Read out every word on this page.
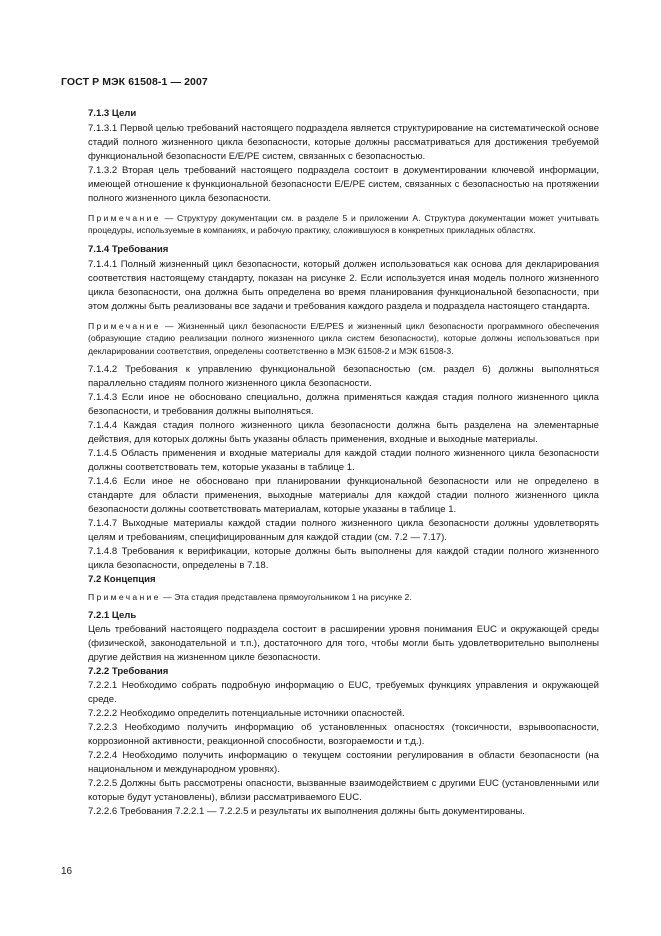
ГОСТ Р МЭК 61508-1 — 2007

7.1.3 Цели

7.1.3.1 Первой целью требований настоящего подраздела является структурирование на систематической основе стадий полного жизненного цикла безопасности, которые должны рассматриваться для достижения требуемой функциональной безопасности E/E/PE систем, связанных с безопасностью.

7.1.3.2 Вторая цель требований настоящего подраздела состоит в документировании ключевой информации, имеющей отношение к функциональной безопасности E/E/PE систем, связанных с безопасностью на протяжении полного жизненного цикла безопасности.

Примечание — Структуру документации см. в разделе 5 и приложении А. Структура документации может учитывать процедуры, используемые в компаниях, и рабочую практику, сложившуюся в конкретных прикладных областях.

7.1.4 Требования

7.1.4.1 Полный жизненный цикл безопасности, который должен использоваться как основа для декларирования соответствия настоящему стандарту, показан на рисунке 2. Если используется иная модель полного жизненного цикла безопасности, она должна быть определена во время планирования функциональной безопасности, при этом должны быть реализованы все задачи и требования каждого раздела и подраздела настоящего стандарта.

Примечание — Жизненный цикл безопасности E/E/PES и жизненный цикл безопасности программного обеспечения (образующие стадию реализации полного жизненного цикла систем безопасности), которые должны использоваться при декларировании соответствия, определены соответственно в МЭК 61508-2 и МЭК 61508-3.

7.1.4.2 Требования к управлению функциональной безопасностью (см. раздел 6) должны выполняться параллельно стадиям полного жизненного цикла безопасности.

7.1.4.3 Если иное не обосновано специально, должна применяться каждая стадия полного жизненного цикла безопасности, и требования должны выполняться.

7.1.4.4 Каждая стадия полного жизненного цикла безопасности должна быть разделена на элементарные действия, для которых должны быть указаны область применения, входные и выходные материалы.

7.1.4.5 Область применения и входные материалы для каждой стадии полного жизненного цикла безопасности должны соответствовать тем, которые указаны в таблице 1.

7.1.4.6 Если иное не обосновано при планировании функциональной безопасности или не определено в стандарте для области применения, выходные материалы для каждой стадии полного жизненного цикла безопасности должны соответствовать материалам, которые указаны в таблице 1.

7.1.4.7 Выходные материалы каждой стадии полного жизненного цикла безопасности должны удовлетворять целям и требованиям, специфицированным для каждой стадии (см. 7.2 — 7.17).

7.1.4.8 Требования к верификации, которые должны быть выполнены для каждой стадии полного жизненного цикла безопасности, определены в 7.18.

7.2 Концепция

Примечание — Эта стадия представлена прямоугольником 1 на рисунке 2.

7.2.1 Цель

Цель требований настоящего подраздела состоит в расширении уровня понимания EUC и окружающей среды (физической, законодательной и т.п.), достаточного для того, чтобы могли быть удовлетворительно выполнены другие действия на жизненном цикле безопасности.

7.2.2 Требования

7.2.2.1 Необходимо собрать подробную информацию о EUC, требуемых функциях управления и окружающей среде.

7.2.2.2 Необходимо определить потенциальные источники опасностей.

7.2.2.3 Необходимо получить информацию об установленных опасностях (токсичности, взрывоопасности, коррозионной активности, реакционной способности, возгораемости и т.д.).

7.2.2.4 Необходимо получить информацию о текущем состоянии регулирования в области безопасности (на национальном и международном уровнях).

7.2.2.5 Должны быть рассмотрены опасности, вызванные взаимодействием с другими EUC (установленными или которые будут установлены), вблизи рассматриваемого EUC.

7.2.2.6 Требования 7.2.2.1 — 7.2.2.5 и результаты их выполнения должны быть документированы.

16
